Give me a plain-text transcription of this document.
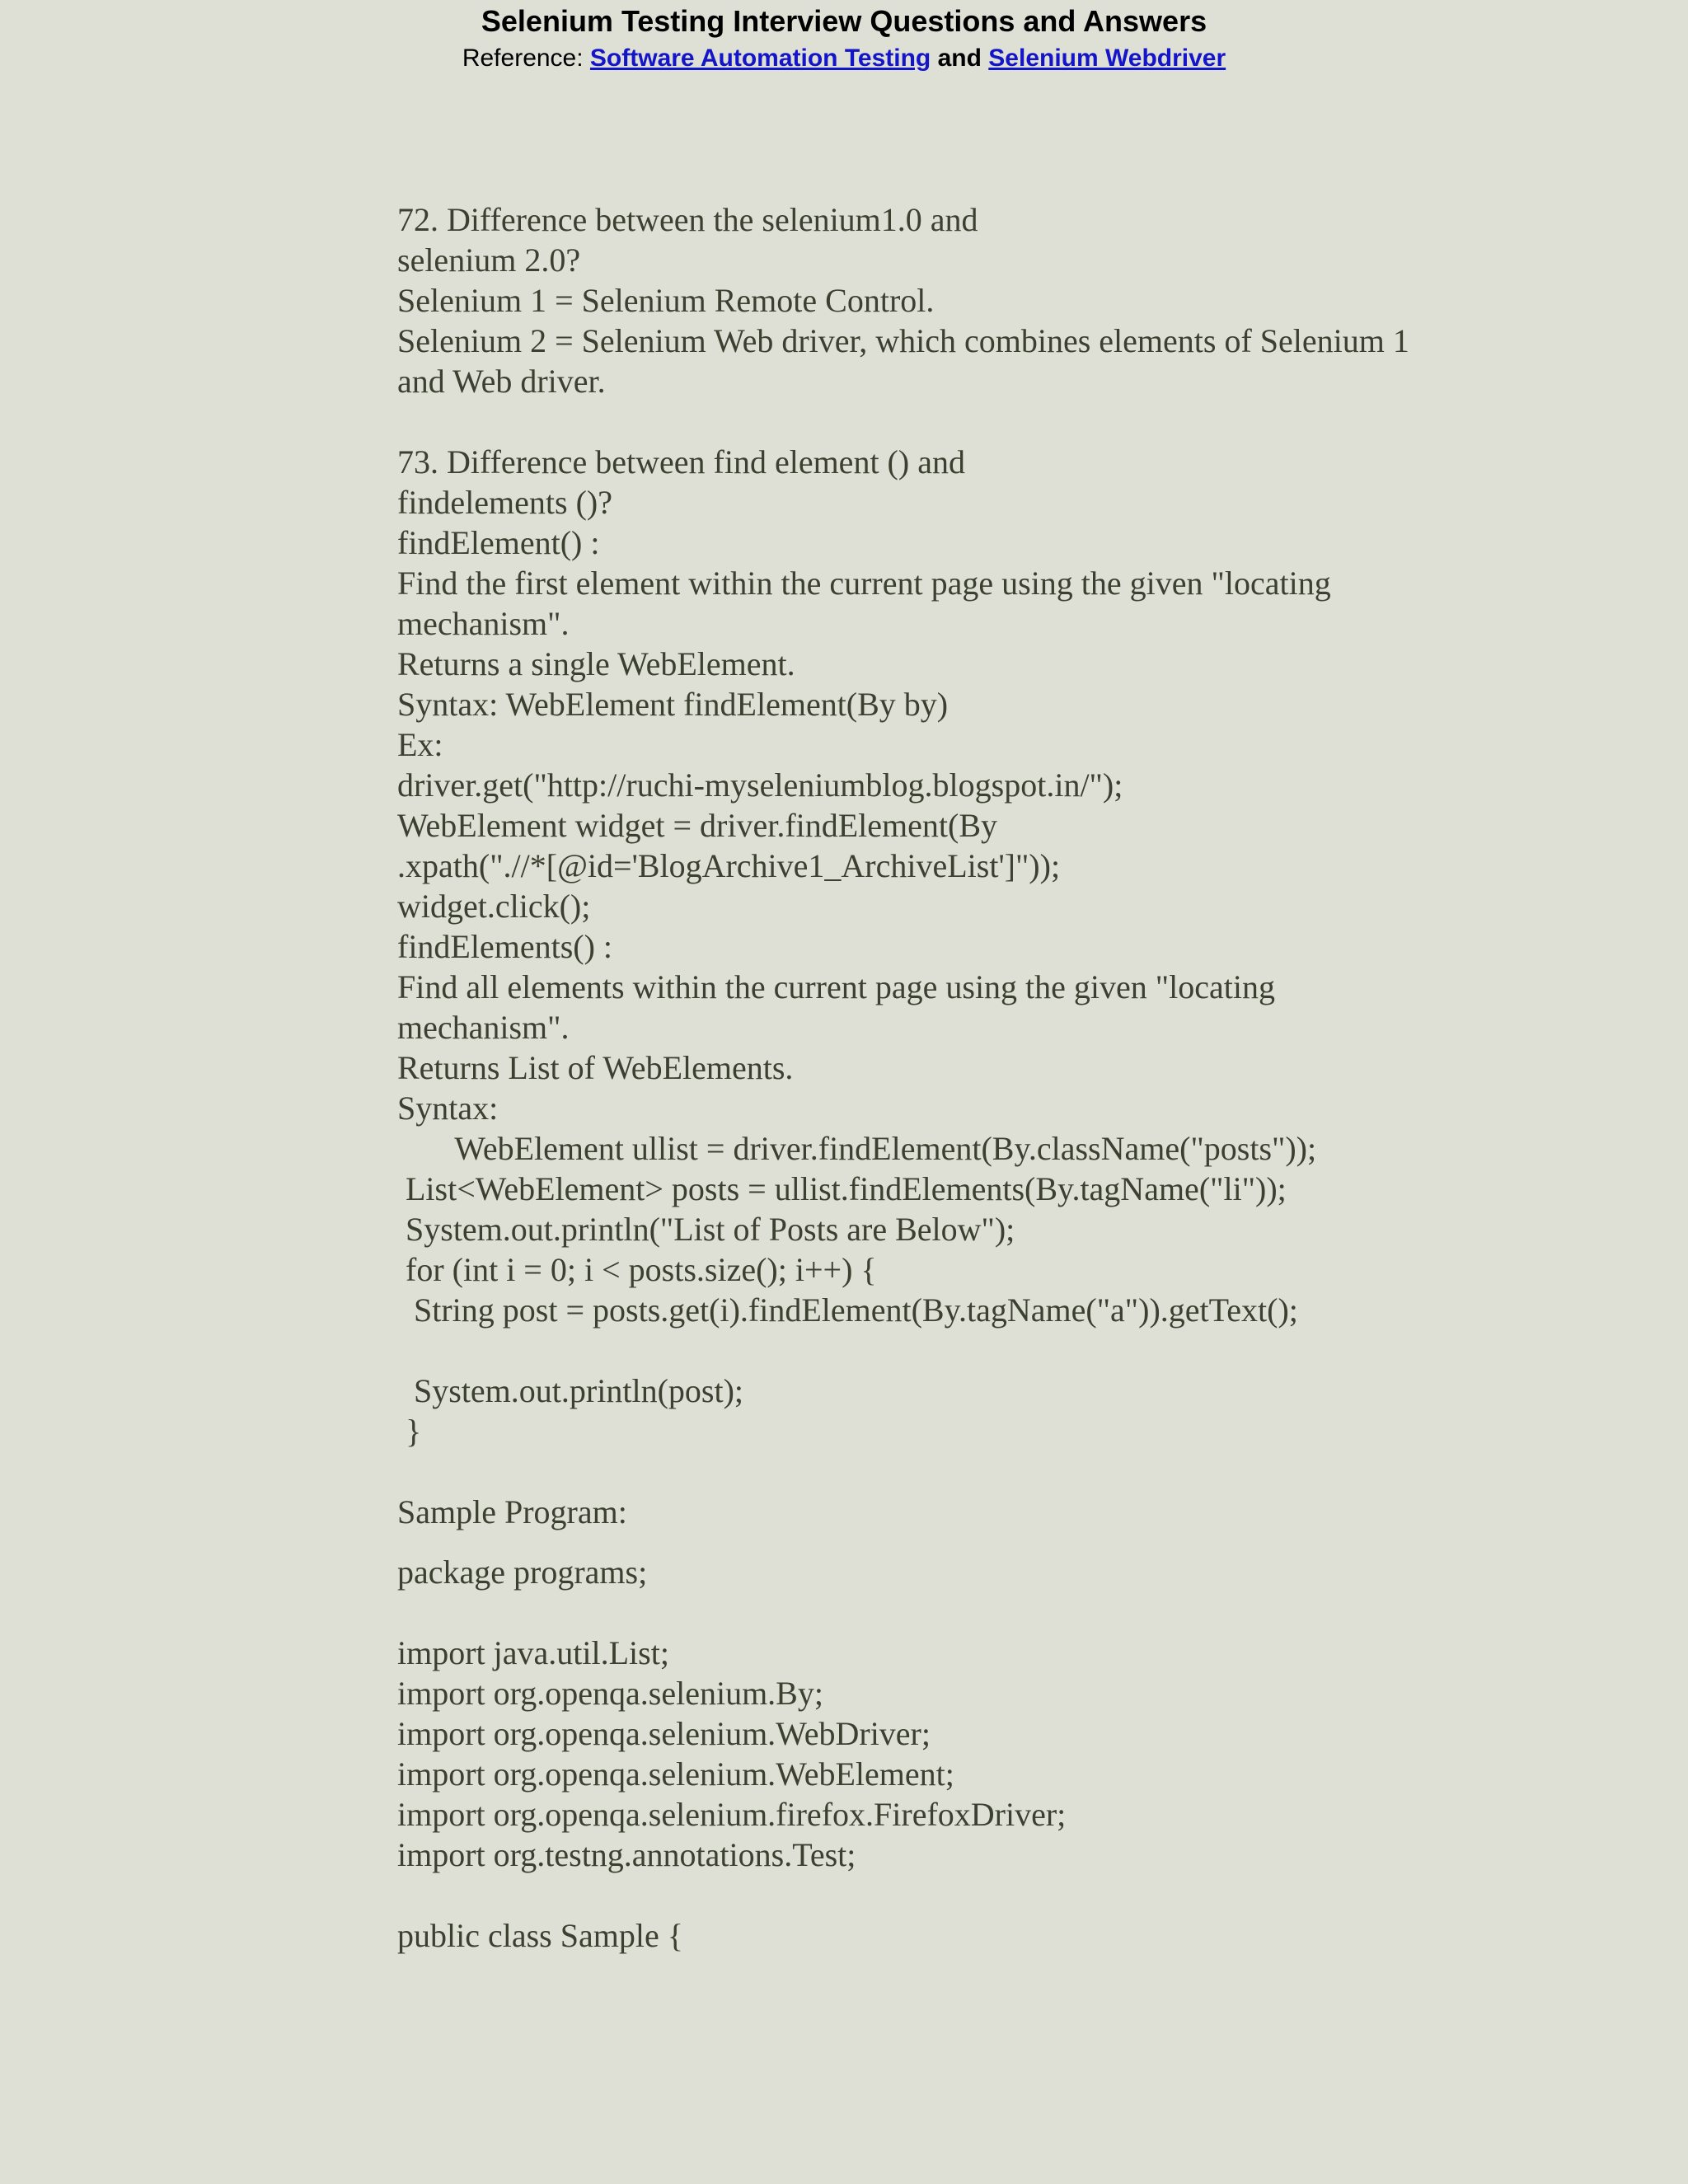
Selenium Testing Interview Questions and Answers
Reference: Software Automation Testing and Selenium Webdriver
72. Difference between the selenium1.0 and
selenium 2.0?
Selenium 1 = Selenium Remote Control.
Selenium 2 = Selenium Web driver, which combines elements of Selenium 1
and Web driver.
73. Difference between find element () and
findelements ()?
findElement() :
Find the first element within the current page using the given "locating
mechanism".
Returns a single WebElement.
Syntax: WebElement findElement(By by)
Ex:
driver.get("http://ruchi-myseleniumblog.blogspot.in/");
WebElement widget = driver.findElement(By
.xpath(".//*[@id='BlogArchive1_ArchiveList']"));
widget.click();
findElements() :
Find all elements within the current page using the given "locating
mechanism".
Returns List of WebElements.
Syntax:
WebElement ullist = driver.findElement(By.className("posts"));
List<WebElement> posts = ullist.findElements(By.tagName("li"));
System.out.println("List of Posts are Below");
for (int i = 0; i < posts.size(); i++) {
String post = posts.get(i).findElement(By.tagName("a")).getText();
System.out.println(post);
}
Sample Program:
package programs;
import java.util.List;
import org.openqa.selenium.By;
import org.openqa.selenium.WebDriver;
import org.openqa.selenium.WebElement;
import org.openqa.selenium.firefox.FirefoxDriver;
import org.testng.annotations.Test;
public class Sample {
